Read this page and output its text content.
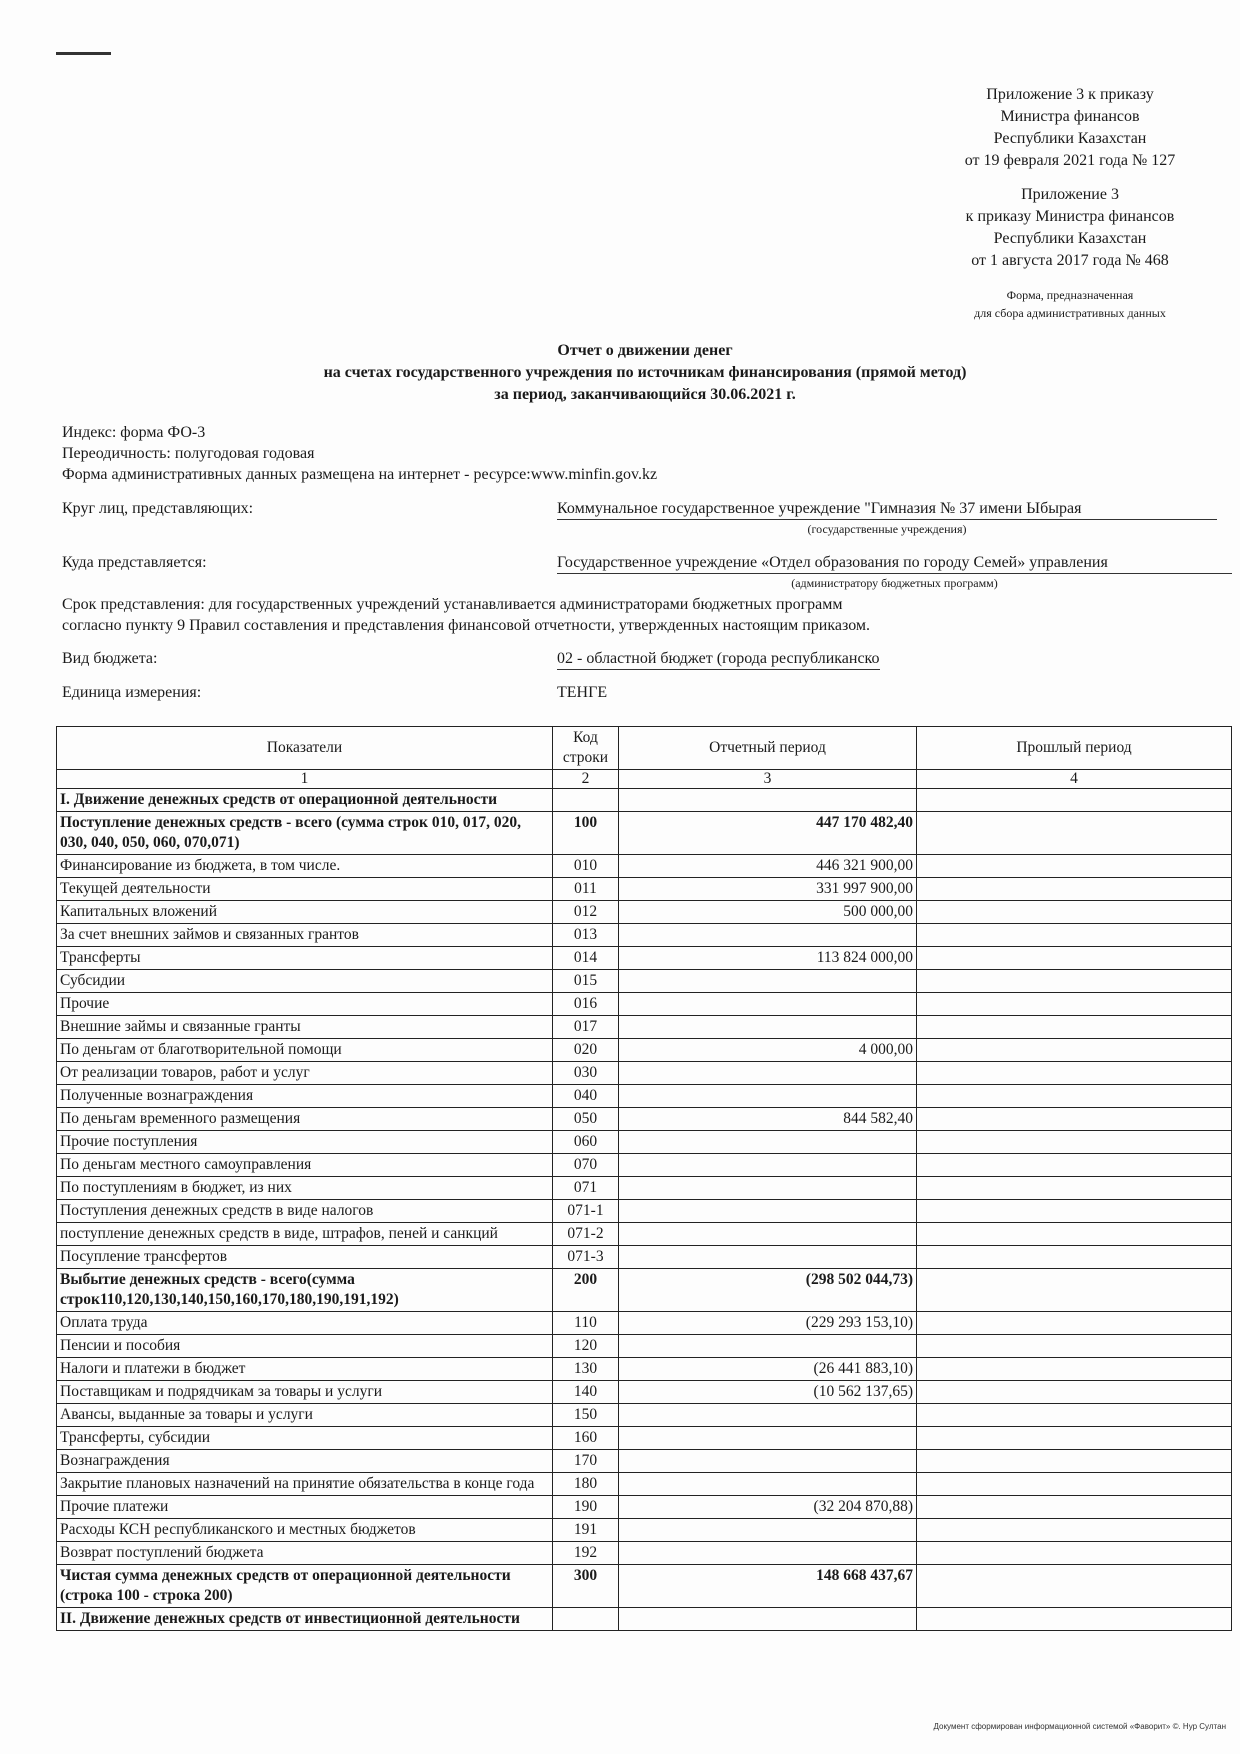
Приложение 3 к приказу
Министра финансов
Республики Казахстан
от 19 февраля 2021 года № 127
Приложение 3
к приказу Министра финансов
Республики Казахстан
от 1 августа 2017 года № 468
Форма, предназначенная
для сбора административных данных
Отчет о движении денег
на счетах государственного учреждения по источникам финансирования (прямой метод)
за период, заканчивающийся 30.06.2021 г.
Индекс: форма ФО-3
Переодичность: полугодовая годовая
Форма административных данных размещена на интернет - ресурсе:www.minfin.gov.kz
Круг лиц, представляющих:	Коммунальное государственное учреждение "Гимназия № 37 имени Ыбырая
(государственные учреждения)
Куда представляется:	Государственное учреждение «Отдел образования по городу Семей» управления
(администратору бюджетных программ)
Срок представления: для государственных учреждений устанавливается администраторами бюджетных программ
согласно пункту 9 Правил составления и представления финансовой отчетности, утвержденных настоящим приказом.
Вид бюджета:	02 - областной бюджет (города республиканско
Единица измерения:	ТЕНГЕ
Показатели	Код строки	Отчетный период	Прошлый период
1	2	3	4
I. Движение денежных средств от операционной деятельности			
Поступление денежных средств - всего (сумма строк 010, 017, 020, 030, 040, 050, 060, 070,071)	100	447 170 482,40	
Финансирование из бюджета, в том числе.	010	446 321 900,00	
Текущей деятельности	011	331 997 900,00	
Капитальных вложений	012	500 000,00	
За счет внешних займов и связанных грантов	013		
Трансферты	014	113 824 000,00	
Субсидии	015		
Прочие	016		
Внешние займы и связанные гранты	017		
По деньгам от благотворительной помощи	020	4 000,00	
От реализации товаров, работ и услуг	030		
Полученные вознаграждения	040		
По деньгам временного размещения	050	844 582,40	
Прочие поступления	060		
По деньгам местного самоуправления	070		
По поступлениям в бюджет, из них	071		
Поступления денежных средств в виде налогов	071-1		
поступление денежных средств в виде, штрафов, пеней и санкций	071-2		
Посупление трансфертов	071-3		
Выбытие денежных средств - всего(сумма строк110,120,130,140,150,160,170,180,190,191,192)	200	(298 502 044,73)	
Оплата труда	110	(229 293 153,10)	
Пенсии и пособия	120		
Налоги и платежи в бюджет	130	(26 441 883,10)	
Поставщикам и подрядчикам за товары и услуги	140	(10 562 137,65)	
Авансы, выданные за товары и услуги	150		
Трансферты, субсидии	160		
Вознаграждения	170		
Закрытие плановых назначений на принятие обязательства в конце года	180		
Прочие платежи	190	(32 204 870,88)	
Расходы КСН республиканского и местных бюджетов	191		
Возврат поступлений бюджета	192		
Чистая сумма денежных средств от операционной деятельности (строка 100 - строка 200)	300	148 668 437,67	
II. Движение денежных средств от инвестиционной деятельности			
Документ сформирован информационной системой «Фаворит» ©. Нур Султан
